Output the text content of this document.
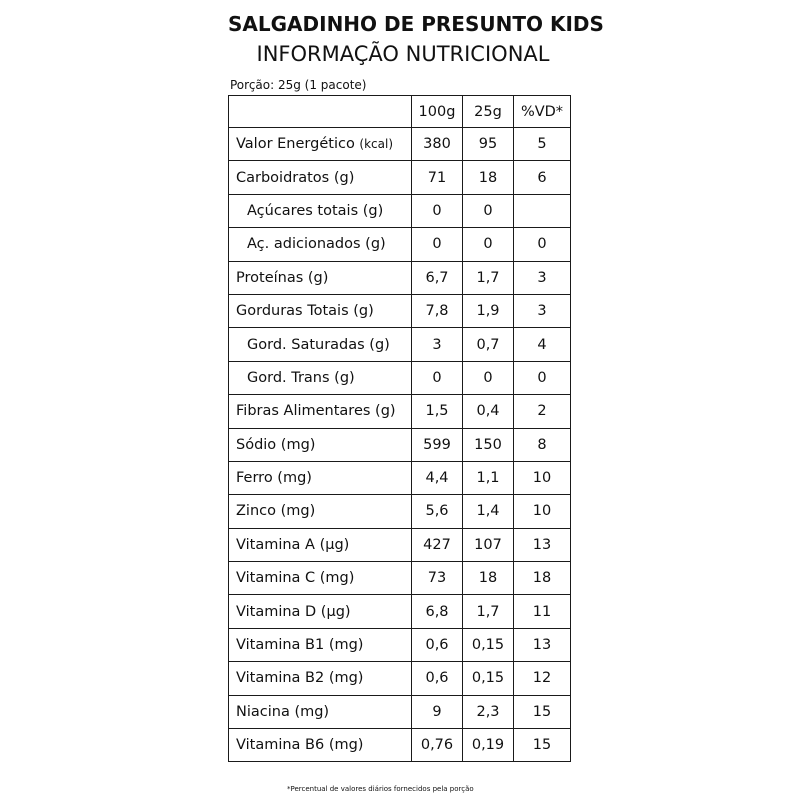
SALGADINHO DE PRESUNTO KIDS
INFORMAÇÃO NUTRICIONAL
Porção: 25g (1 pacote)
	100g	25g	%VD*
Valor Energético (kcal)	380	95	5
Carboidratos (g)	71	18	6
Açúcares totais (g)	0	0	
Aç. adicionados (g)	0	0	0
Proteínas (g)	6,7	1,7	3
Gorduras Totais (g)	7,8	1,9	3
Gord. Saturadas (g)	3	0,7	4
Gord. Trans (g)	0	0	0
Fibras Alimentares (g)	1,5	0,4	2
Sódio (mg)	599	150	8
Ferro (mg)	4,4	1,1	10
Zinco (mg)	5,6	1,4	10
Vitamina A (µg)	427	107	13
Vitamina C (mg)	73	18	18
Vitamina D (µg)	6,8	1,7	11
Vitamina B1 (mg)	0,6	0,15	13
Vitamina B2 (mg)	0,6	0,15	12
Niacina (mg)	9	2,3	15
Vitamina B6 (mg)	0,76	0,19	15
*Percentual de valores diários fornecidos pela porção
